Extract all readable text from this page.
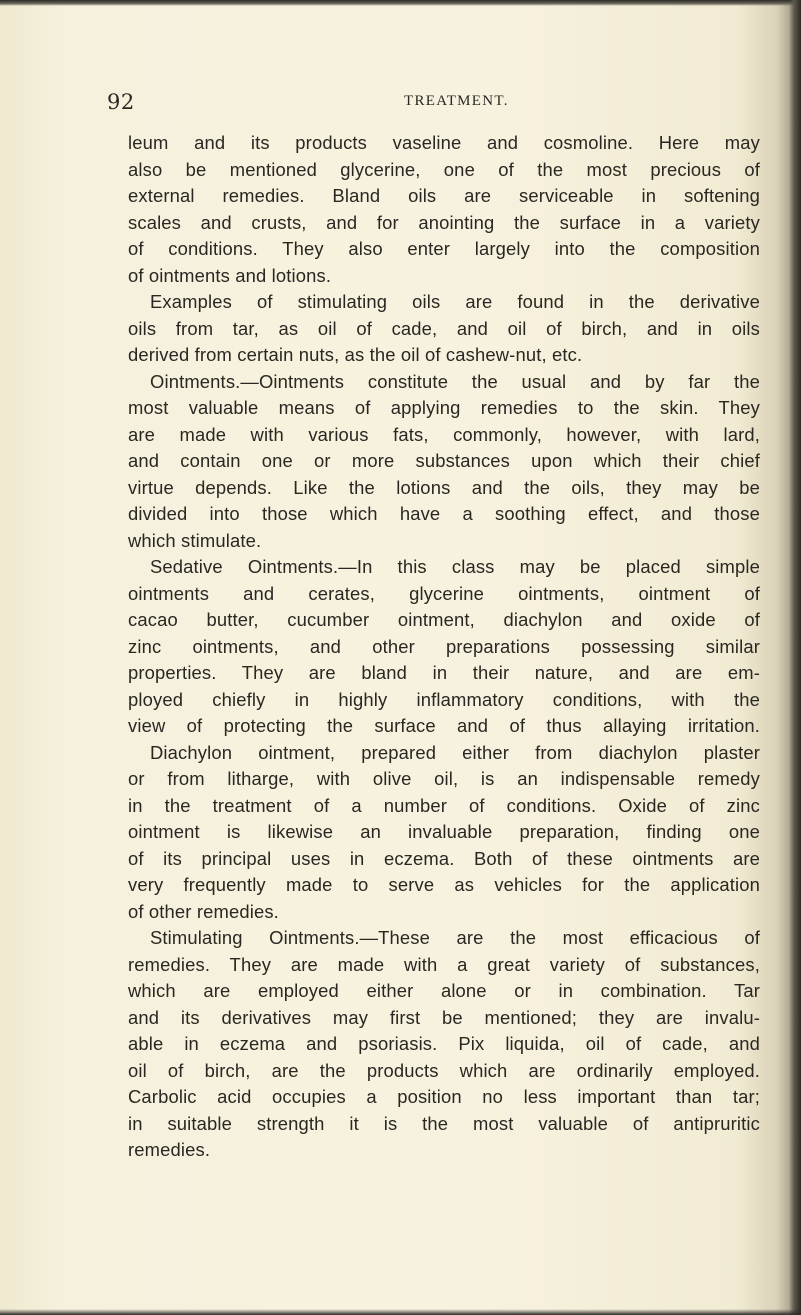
92	TREATMENT.
leum and its products vaseline and cosmoline. Here may
also be mentioned glycerine, one of the most precious of
external remedies. Bland oils are serviceable in softening
scales and crusts, and for anointing the surface in a variety
of conditions. They also enter largely into the composition
of ointments and lotions.
Examples of stimulating oils are found in the derivative
oils from tar, as oil of cade, and oil of birch, and in oils
derived from certain nuts, as the oil of cashew-nut, etc.
Ointments.—Ointments constitute the usual and by far the
most valuable means of applying remedies to the skin. They
are made with various fats, commonly, however, with lard,
and contain one or more substances upon which their chief
virtue depends. Like the lotions and the oils, they may be
divided into those which have a soothing effect, and those
which stimulate.
Sedative Ointments.—In this class may be placed simple
ointments and cerates, glycerine ointments, ointment of
cacao butter, cucumber ointment, diachylon and oxide of
zinc ointments, and other preparations possessing similar
properties. They are bland in their nature, and are em-
ployed chiefly in highly inflammatory conditions, with the
view of protecting the surface and of thus allaying irritation.
Diachylon ointment, prepared either from diachylon plaster
or from litharge, with olive oil, is an indispensable remedy
in the treatment of a number of conditions. Oxide of zinc
ointment is likewise an invaluable preparation, finding one
of its principal uses in eczema. Both of these ointments are
very frequently made to serve as vehicles for the application
of other remedies.
Stimulating Ointments.—These are the most efficacious of
remedies. They are made with a great variety of substances,
which are employed either alone or in combination. Tar
and its derivatives may first be mentioned; they are invalu-
able in eczema and psoriasis. Pix liquida, oil of cade, and
oil of birch, are the products which are ordinarily employed.
Carbolic acid occupies a position no less important than tar;
in suitable strength it is the most valuable of antipruritic
remedies.
